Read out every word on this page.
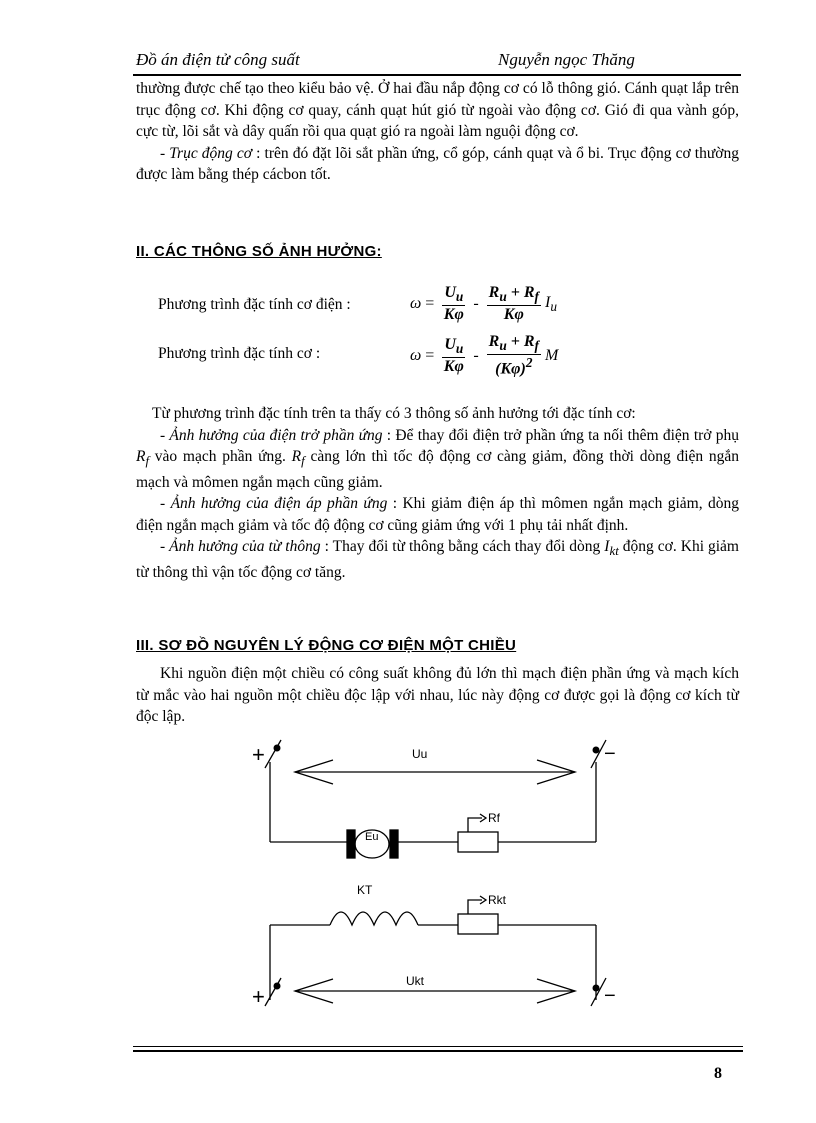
Đồ án điện tử công suất	Nguyễn ngọc Thăng
thường được chế tạo theo kiểu bảo vệ. Ở hai đầu nắp động cơ có lỗ thông gió. Cánh quạt lắp trên trục động cơ. Khi động cơ quay, cánh quạt hút gió từ ngoài vào động cơ. Gió đi qua vành góp, cực từ, lõi sắt và dây quấn rồi qua quạt gió ra ngoài làm nguội động cơ.
- Trục động cơ : trên đó đặt lõi sắt phần ứng, cổ góp, cánh quạt và ổ bi. Trục động cơ thường được làm bằng thép cácbon tốt.
II. CÁC THÔNG SỐ ẢNH HƯỞNG:
Phương trình đặc tính cơ điện :	$\omega = \frac{U_u}{K\varphi} - \frac{R_u + R_f}{K\varphi} I_u$
Phương trình đặc tính cơ :	$\omega = \frac{U_u}{K\varphi} - \frac{R_u + R_f}{(K\varphi)^2}$ M
Từ phương trình đặc tính trên ta thấy có 3 thông số ảnh hưởng tới đặc tính cơ:
- Ảnh hưởng của điện trở phần ứng : Để thay đổi điện trở phần ứng ta nối thêm điện trở phụ $R_f$ vào mạch phần ứng. $R_f$ càng lớn thì tốc độ động cơ càng giảm, đồng thời dòng điện ngắn mạch và mômen ngắn mạch cũng giảm.
- Ảnh hưởng của điện áp phần ứng : Khi giảm điện áp thì mômen ngắn mạch giảm, dòng điện ngắn mạch giảm và tốc độ động cơ cũng giảm ứng với 1 phụ tải nhất định.
- Ảnh hưởng của từ thông : Thay đổi từ thông bằng cách thay đổi dòng $I_{kt}$ động cơ. Khi giảm từ thông thì vận tốc động cơ tăng.
III. SƠ ĐỒ NGUYÊN LÝ ĐỘNG CƠ ĐIỆN MỘT CHIỀU
Khi nguồn điện một chiều có công suất không đủ lớn thì mạch điện phần ứng và mạch kích từ mắc vào hai nguồn một chiều độc lập với nhau, lúc này động cơ được gọi là động cơ kích từ độc lập.
+	−
Uu
Rf
Eu
KT
Rkt
Ukt
+	−
8
